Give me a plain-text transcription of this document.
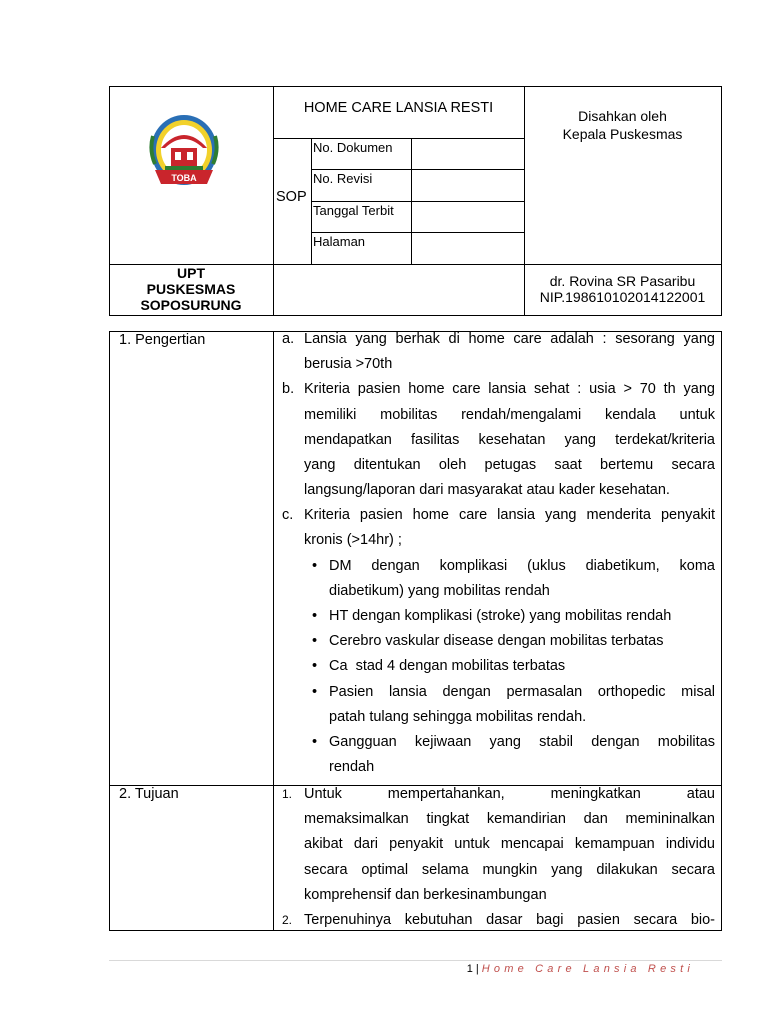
TOBA
HOME CARE LANSIA RESTI
SOP
Disahkan oleh
Kepala Puskesmas
No. Dokumen
No. Revisi
Tanggal Terbit
Halaman
UPT
PUSKESMAS
SOPOSURUNG
dr. Rovina SR Pasaribu
NIP.198610102014122001
1. Pengertian
2. Tujuan
a. Lansia yang berhak di home care adalah : sesorang yang
berusia >70th
b. Kriteria pasien home care lansia sehat : usia > 70 th yang
memiliki mobilitas rendah/mengalami kendala untuk
mendapatkan fasilitas kesehatan yang terdekat/kriteria
yang ditentukan oleh petugas saat bertemu secara
langsung/laporan dari masyarakat atau kader kesehatan.
c. Kriteria pasien home care lansia yang menderita penyakit
kronis (>14hr) ;
• DM dengan komplikasi (uklus diabetikum, koma
diabetikum) yang mobilitas rendah
• HT dengan komplikasi (stroke) yang mobilitas rendah
• Cerebro vaskular disease dengan mobilitas terbatas
• Ca  stad 4 dengan mobilitas terbatas
• Pasien lansia dengan permasalan orthopedic misal
patah tulang sehingga mobilitas rendah.
• Gangguan kejiwaan yang stabil dengan mobilitas
rendah
1. Untuk mempertahankan, meningkatkan atau
memaksimalkan tingkat kemandirian dan memininalkan
akibat dari penyakit untuk mencapai kemampuan individu
secara optimal selama mungkin yang dilakukan secara
komprehensif dan berkesinambungan
2. Terpenuhinya kebutuhan dasar bagi pasien secara bio-
1|Home Care Lansia Resti
